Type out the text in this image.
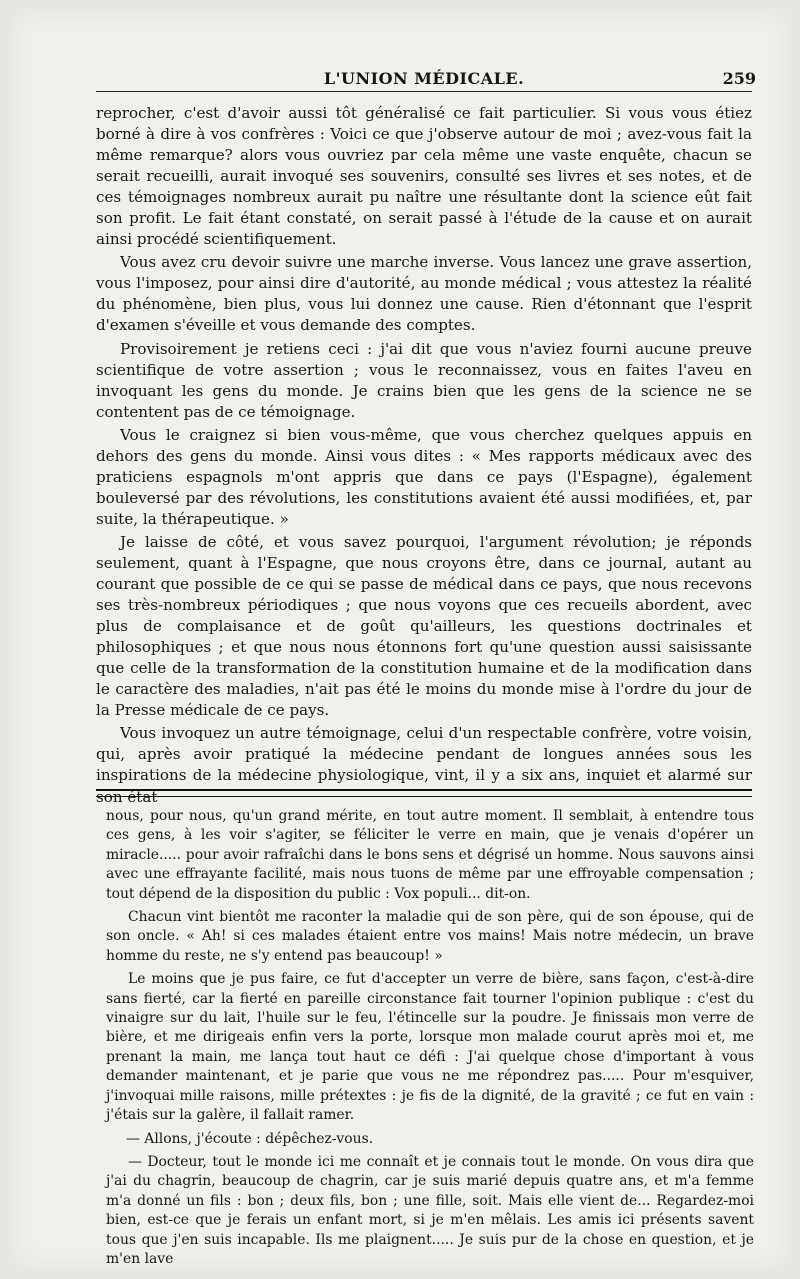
L'UNION MÉDICALE.	259

reprocher, c'est d'avoir aussi tôt généralisé ce fait particulier. Si vous vous étiez borné à dire à vos confrères : Voici ce que j'observe autour de moi ; avez-vous fait la même remarque? alors vous ouvriez par cela même une vaste enquête, chacun se serait recueilli, aurait invoqué ses souvenirs, consulté ses livres et ses notes, et de ces témoignages nombreux aurait pu naître une résultante dont la science eût fait son profit. Le fait étant constaté, on serait passé à l'étude de la cause et on aurait ainsi procédé scientifiquement.

Vous avez cru devoir suivre une marche inverse. Vous lancez une grave assertion, vous l'imposez, pour ainsi dire d'autorité, au monde médical ; vous attestez la réalité du phénomène, bien plus, vous lui donnez une cause. Rien d'étonnant que l'esprit d'examen s'éveille et vous demande des comptes.

Provisoirement je retiens ceci : j'ai dit que vous n'aviez fourni aucune preuve scientifique de votre assertion ; vous le reconnaissez, vous en faites l'aveu en invoquant les gens du monde. Je crains bien que les gens de la science ne se contentent pas de ce témoignage.

Vous le craignez si bien vous-même, que vous cherchez quelques appuis en dehors des gens du monde. Ainsi vous dites : « Mes rapports médicaux avec des praticiens espagnols m'ont appris que dans ce pays (l'Espagne), également bouleversé par des révolutions, les constitutions avaient été aussi modifiées, et, par suite, la thérapeutique. »

Je laisse de côté, et vous savez pourquoi, l'argument révolution; je réponds seulement, quant à l'Espagne, que nous croyons être, dans ce journal, autant au courant que possible de ce qui se passe de médical dans ce pays, que nous recevons ses très-nombreux périodiques ; que nous voyons que ces recueils abordent, avec plus de complaisance et de goût qu'ailleurs, les questions doctrinales et philosophiques ; et que nous nous étonnons fort qu'une question aussi saisissante que celle de la transformation de la constitution humaine et de la modification dans le caractère des maladies, n'ait pas été le moins du monde mise à l'ordre du jour de la Presse médicale de ce pays.

Vous invoquez un autre témoignage, celui d'un respectable confrère, votre voisin, qui, après avoir pratiqué la médecine pendant de longues années sous les inspirations de la médecine physiologique, vint, il y a six ans, inquiet et alarmé sur son état

nous, pour nous, qu'un grand mérite, en tout autre moment. Il semblait, à entendre tous ces gens, à les voir s'agiter, se féliciter le verre en main, que je venais d'opérer un miracle..... pour avoir rafraîchi dans le bons sens et dégrisé un homme. Nous sauvons ainsi avec une effrayante facilité, mais nous tuons de même par une effroyable compensation ; tout dépend de la disposition du public : Vox populi... dit-on.

Chacun vint bientôt me raconter la maladie qui de son père, qui de son épouse, qui de son oncle. « Ah! si ces malades étaient entre vos mains! Mais notre médecin, un brave homme du reste, ne s'y entend pas beaucoup! »

Le moins que je pus faire, ce fut d'accepter un verre de bière, sans façon, c'est-à-dire sans fierté, car la fierté en pareille circonstance fait tourner l'opinion publique : c'est du vinaigre sur du lait, l'huile sur le feu, l'étincelle sur la poudre. Je finissais mon verre de bière, et me dirigeais enfin vers la porte, lorsque mon malade courut après moi et, me prenant la main, me lança tout haut ce défi : J'ai quelque chose d'important à vous demander maintenant, et je parie que vous ne me répondrez pas..... Pour m'esquiver, j'invoquai mille raisons, mille prétextes : je fis de la dignité, de la gravité ; ce fut en vain : j'étais sur la galère, il fallait ramer.

— Allons, j'écoute : dépêchez-vous.

— Docteur, tout le monde ici me connaît et je connais tout le monde. On vous dira que j'ai du chagrin, beaucoup de chagrin, car je suis marié depuis quatre ans, et m'a femme m'a donné un fils : bon ; deux fils, bon ; une fille, soit. Mais elle vient de... Regardez-moi bien, est-ce que je ferais un enfant mort, si je m'en mêlais. Les amis ici présents savent tous que j'en suis incapable. Ils me plaignent..... Je suis pur de la chose en question, et je m'en lave
